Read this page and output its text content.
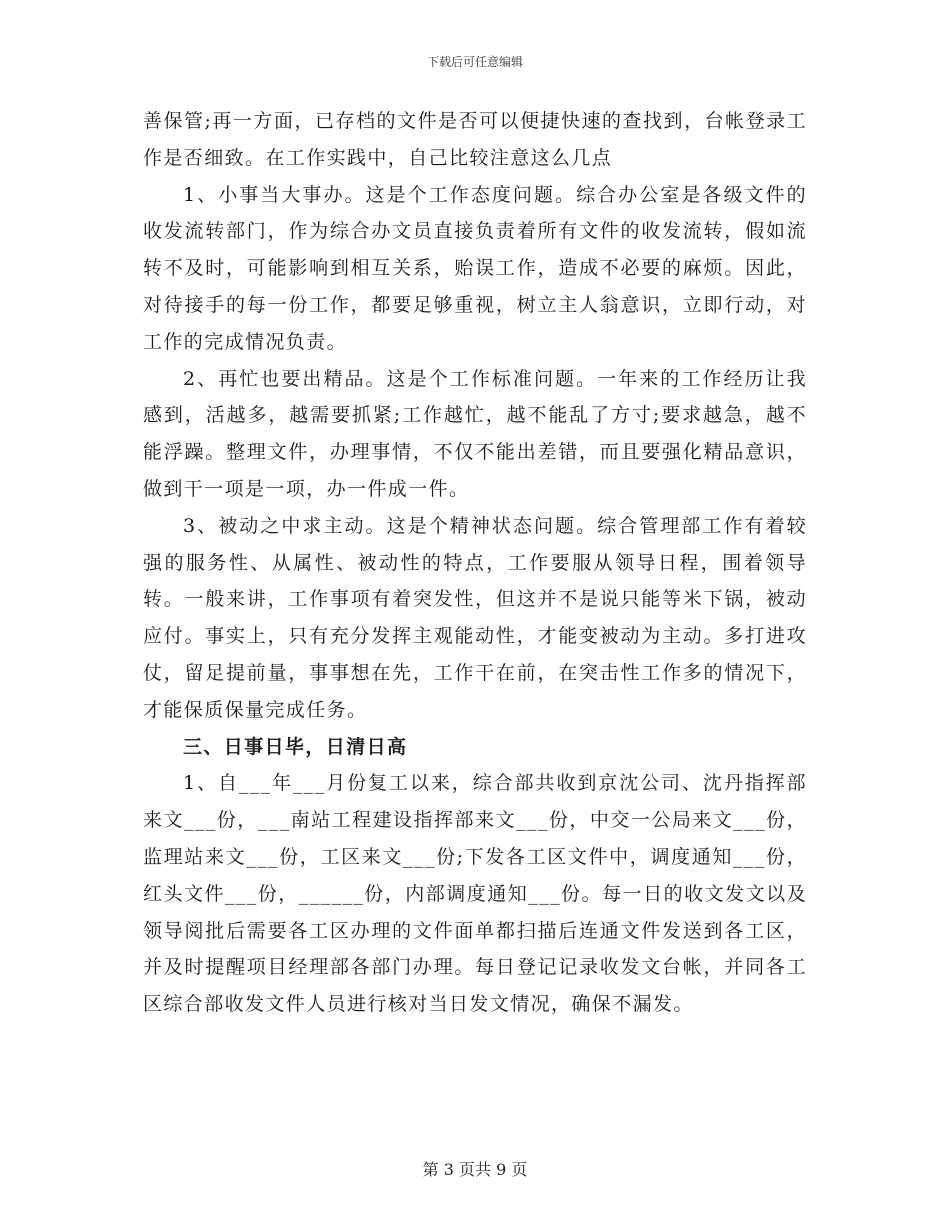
下载后可任意编辑

善保管;再一方面，已存档的文件是否可以便捷快速的查找到，台帐登录工作是否细致。在工作实践中，自己比较注意这么几点

1、小事当大事办。这是个工作态度问题。综合办公室是各级文件的收发流转部门，作为综合办文员直接负责着所有文件的收发流转，假如流转不及时，可能影响到相互关系，贻误工作，造成不必要的麻烦。因此，对待接手的每一份工作，都要足够重视，树立主人翁意识，立即行动，对工作的完成情况负责。

2、再忙也要出精品。这是个工作标准问题。一年来的工作经历让我感到，活越多，越需要抓紧;工作越忙，越不能乱了方寸;要求越急，越不能浮躁。整理文件，办理事情，不仅不能出差错，而且要强化精品意识，做到干一项是一项，办一件成一件。

3、被动之中求主动。这是个精神状态问题。综合管理部工作有着较强的服务性、从属性、被动性的特点，工作要服从领导日程，围着领导转。一般来讲，工作事项有着突发性，但这并不是说只能等米下锅，被动应付。事实上，只有充分发挥主观能动性，才能变被动为主动。多打进攻仗，留足提前量，事事想在先，工作干在前，在突击性工作多的情况下，才能保质保量完成任务。

三、日事日毕，日清日高

1、自___年___月份复工以来，综合部共收到京沈公司、沈丹指挥部来文___份，___南站工程建设指挥部来文___份，中交一公局来文___份，监理站来文___份，工区来文___份;下发各工区文件中，调度通知___份，红头文件___份，______份，内部调度通知___份。每一日的收文发文以及领导阅批后需要各工区办理的文件面单都扫描后连通文件发送到各工区，并及时提醒项目经理部各部门办理。每日登记记录收发文台帐，并同各工区综合部收发文件人员进行核对当日发文情况，确保不漏发。

第 3 页共 9 页
